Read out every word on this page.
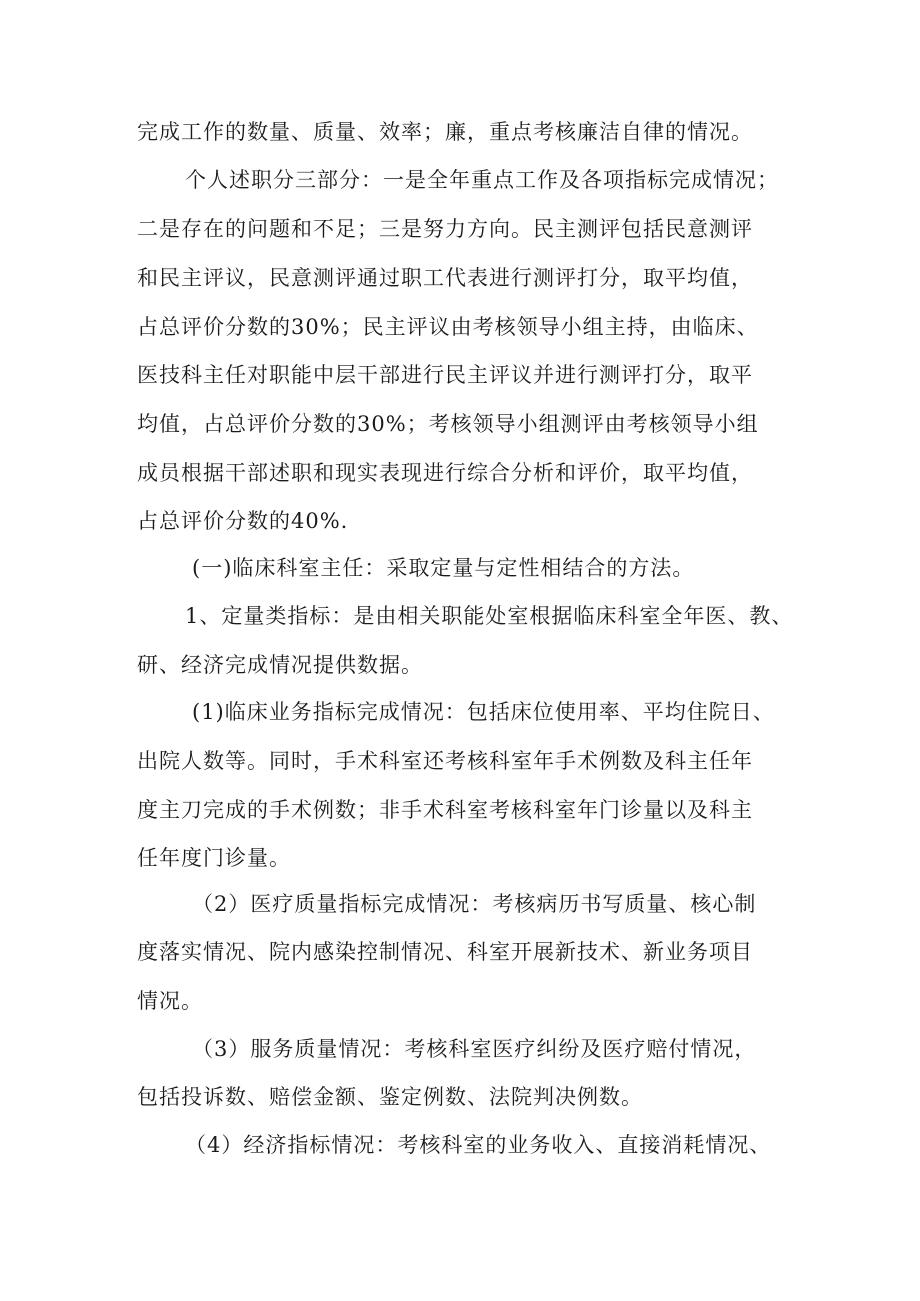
完成工作的数量、质量、效率；廉，重点考核廉洁自律的情况。
个人述职分三部分：一是全年重点工作及各项指标完成情况；
二是存在的问题和不足；三是努力方向。民主测评包括民意测评
和民主评议，民意测评通过职工代表进行测评打分，取平均值，
占总评价分数的30%；民主评议由考核领导小组主持，由临床、
医技科主任对职能中层干部进行民主评议并进行测评打分，取平
均值，占总评价分数的30%；考核领导小组测评由考核领导小组
成员根据干部述职和现实表现进行综合分析和评价，取平均值，
占总评价分数的40%.
(一)临床科室主任：采取定量与定性相结合的方法。
1、定量类指标：是由相关职能处室根据临床科室全年医、教、
研、经济完成情况提供数据。
(1)临床业务指标完成情况：包括床位使用率、平均住院日、
出院人数等。同时，手术科室还考核科室年手术例数及科主任年
度主刀完成的手术例数；非手术科室考核科室年门诊量以及科主
任年度门诊量。
（2）医疗质量指标完成情况：考核病历书写质量、核心制
度落实情况、院内感染控制情况、科室开展新技术、新业务项目
情况。
（3）服务质量情况：考核科室医疗纠纷及医疗赔付情况，
包括投诉数、赔偿金额、鉴定例数、法院判决例数。
（4）经济指标情况：考核科室的业务收入、直接消耗情况、
